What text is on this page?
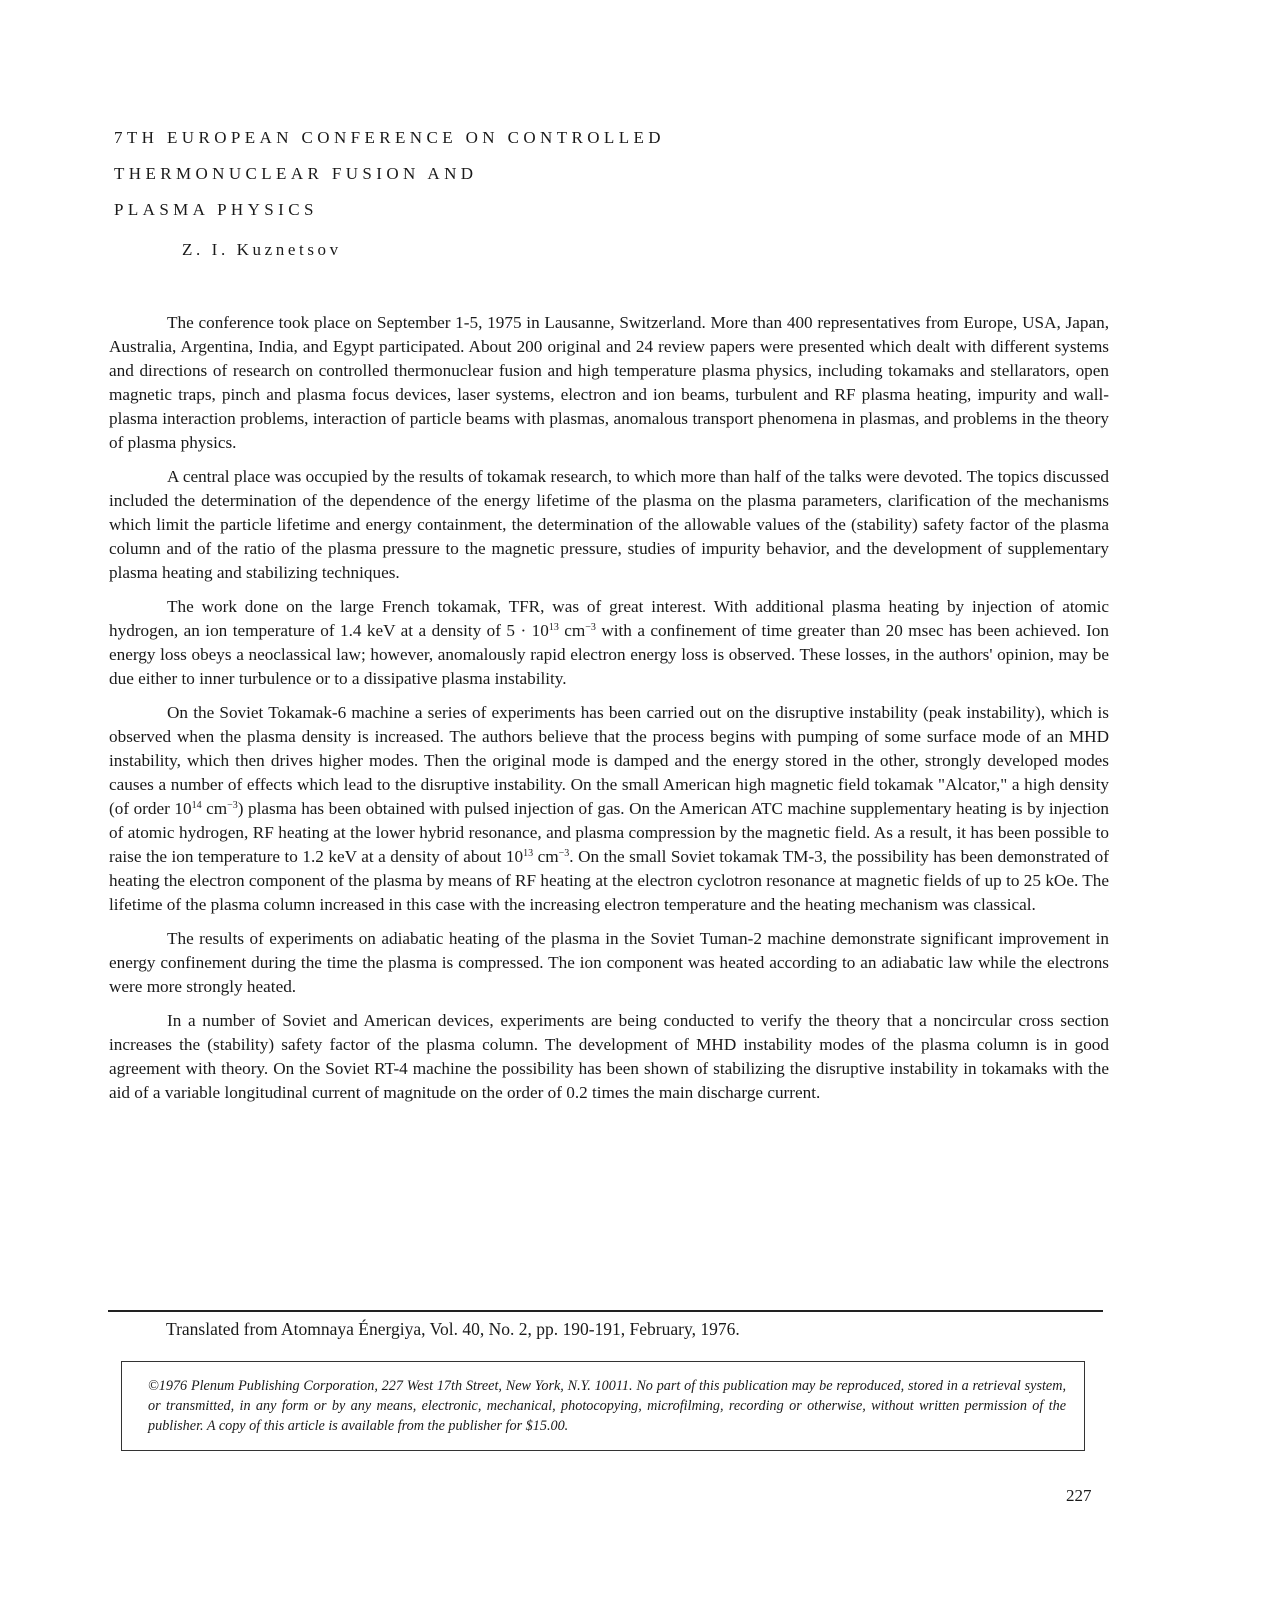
7TH EUROPEAN CONFERENCE ON CONTROLLED

THERMONUCLEAR FUSION AND

PLASMA PHYSICS

Z. I. Kuznetsov

The conference took place on September 1-5, 1975 in Lausanne, Switzerland. More than 400 representatives from Europe, USA, Japan, Australia, Argentina, India, and Egypt participated. About 200 original and 24 review papers were presented which dealt with different systems and directions of research on controlled thermonuclear fusion and high temperature plasma physics, including tokamaks and stellarators, open magnetic traps, pinch and plasma focus devices, laser systems, electron and ion beams, turbulent and RF plasma heating, impurity and wall-plasma interaction problems, interaction of particle beams with plasmas, anomalous transport phenomena in plasmas, and problems in the theory of plasma physics.

A central place was occupied by the results of tokamak research, to which more than half of the talks were devoted. The topics discussed included the determination of the dependence of the energy lifetime of the plasma on the plasma parameters, clarification of the mechanisms which limit the particle lifetime and energy containment, the determination of the allowable values of the (stability) safety factor of the plasma column and of the ratio of the plasma pressure to the magnetic pressure, studies of impurity behavior, and the development of supplementary plasma heating and stabilizing techniques.

The work done on the large French tokamak, TFR, was of great interest. With additional plasma heating by injection of atomic hydrogen, an ion temperature of 1.4 keV at a density of $5 \cdot 10^{13}$ $cm^{-3}$ with a confinement of time greater than 20 msec has been achieved. Ion energy loss obeys a neoclassical law; however, anomalously rapid electron energy loss is observed. These losses, in the authors' opinion, may be due either to inner turbulence or to a dissipative plasma instability.

On the Soviet Tokamak-6 machine a series of experiments has been carried out on the disruptive instability (peak instability), which is observed when the plasma density is increased. The authors believe that the process begins with pumping of some surface mode of an MHD instability, which then drives higher modes. Then the original mode is damped and the energy stored in the other, strongly developed modes causes a number of effects which lead to the disruptive instability. On the small American high magnetic field tokamak "Alcator," a high density (of order $10^{14}$ $cm^{-3}$) plasma has been obtained with pulsed injection of gas. On the American ATC machine supplementary heating is by injection of atomic hydrogen, RF heating at the lower hybrid resonance, and plasma compression by the magnetic field. As a result, it has been possible to raise the ion temperature to 1.2 keV at a density of about $10^{13}$ $cm^{-3}$. On the small Soviet tokamak TM-3, the possibility has been demonstrated of heating the electron component of the plasma by means of RF heating at the electron cyclotron resonance at magnetic fields of up to 25 kOe. The lifetime of the plasma column increased in this case with the increasing electron temperature and the heating mechanism was classical.

The results of experiments on adiabatic heating of the plasma in the Soviet Tuman-2 machine demonstrate significant improvement in energy confinement during the time the plasma is compressed. The ion component was heated according to an adiabatic law while the electrons were more strongly heated.

In a number of Soviet and American devices, experiments are being conducted to verify the theory that a noncircular cross section increases the (stability) safety factor of the plasma column. The development of MHD instability modes of the plasma column is in good agreement with theory. On the Soviet RT-4 machine the possibility has been shown of stabilizing the disruptive instability in tokamaks with the aid of a variable longitudinal current of magnitude on the order of 0.2 times the main discharge current.

Translated from Atomnaya Énergiya, Vol. 40, No. 2, pp. 190-191, February, 1976.

©1976 Plenum Publishing Corporation, 227 West 17th Street, New York, N.Y. 10011. No part of this publication may be reproduced, stored in a retrieval system, or transmitted, in any form or by any means, electronic, mechanical, photocopying, microfilming, recording or otherwise, without written permission of the publisher. A copy of this article is available from the publisher for $15.00.

227
